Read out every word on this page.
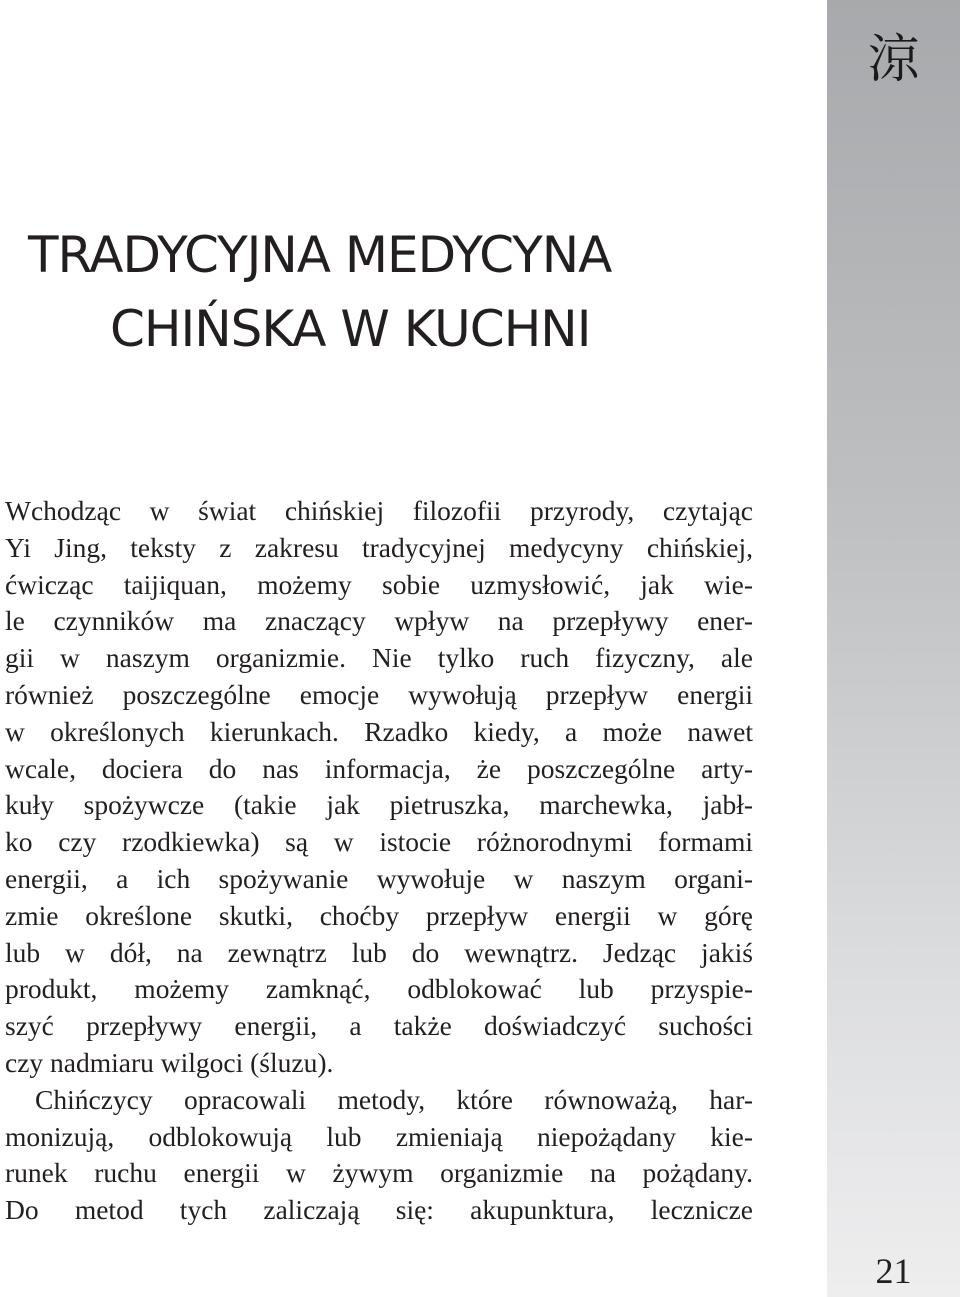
涼
21
TRADYCYJNA MEDYCYNA
CHIŃSKA W KUCHNI

Wchodząc w świat chińskiej filozofii przyrody, czytając

Yi Jing, teksty z zakresu tradycyjnej medycyny chińskiej,

ćwicząc taijiquan, możemy sobie uzmysłowić, jak wie-

le czynników ma znaczący wpływ na przepływy ener-

gii w naszym organizmie. Nie tylko ruch fizyczny, ale

również poszczególne emocje wywołują przepływ energii

w określonych kierunkach. Rzadko kiedy, a może nawet

wcale, dociera do nas informacja, że poszczególne arty-

kuły spożywcze (takie jak pietruszka, marchewka, jabł-

ko czy rzodkiewka) są w istocie różnorodnymi formami

energii, a ich spożywanie wywołuje w naszym organi-

zmie określone skutki, choćby przepływ energii w górę

lub w dół, na zewnątrz lub do wewnątrz. Jedząc jakiś

produkt, możemy zamknąć, odblokować lub przyspie-

szyć przepływy energii, a także doświadczyć suchości

czy nadmiaru wilgoci (śluzu).

Chińczycy opracowali metody, które równoważą, har-

monizują, odblokowują lub zmieniają niepożądany kie-

runek ruchu energii w żywym organizmie na pożądany.

Do metod tych zaliczają się: akupunktura, lecznicze
